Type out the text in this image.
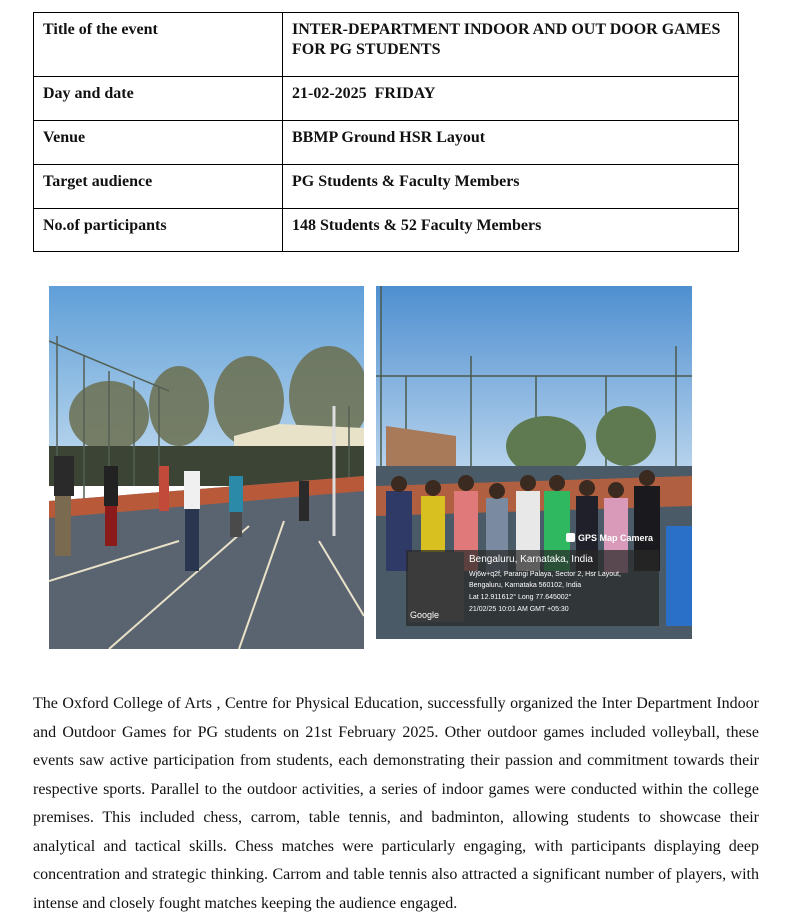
Title of the event	INTER-DEPARTMENT INDOOR AND OUT DOOR GAMES FOR PG STUDENTS
Day and date	21-02-2025  FRIDAY
Venue	BBMP Ground HSR Layout
Target audience	PG Students & Faculty Members
No.of participants	148 Students & 52 Faculty Members
GPS Map Camera
Google
Bengaluru, Karnataka, India
Wj6w+q2f, Parangi Palaya, Sector 2, Hsr Layout, Bengaluru, Karnataka 560102, India
Lat 12.911612° Long 77.645002°
21/02/25 10:01 AM GMT +05:30

The Oxford College of Arts , Centre for Physical Education, successfully organized the Inter Department Indoor and Outdoor Games for PG students on 21st February 2025. Other outdoor games included volleyball, these events saw active participation from students, each demonstrating their passion and commitment towards their respective sports. Parallel to the outdoor activities, a series of indoor games were conducted within the college premises. This included chess, carrom, table tennis, and badminton, allowing students to showcase their analytical and tactical skills. Chess matches were particularly engaging, with participants displaying deep concentration and strategic thinking. Carrom and table tennis also attracted a significant number of players, with intense and closely fought matches keeping the audience engaged.
